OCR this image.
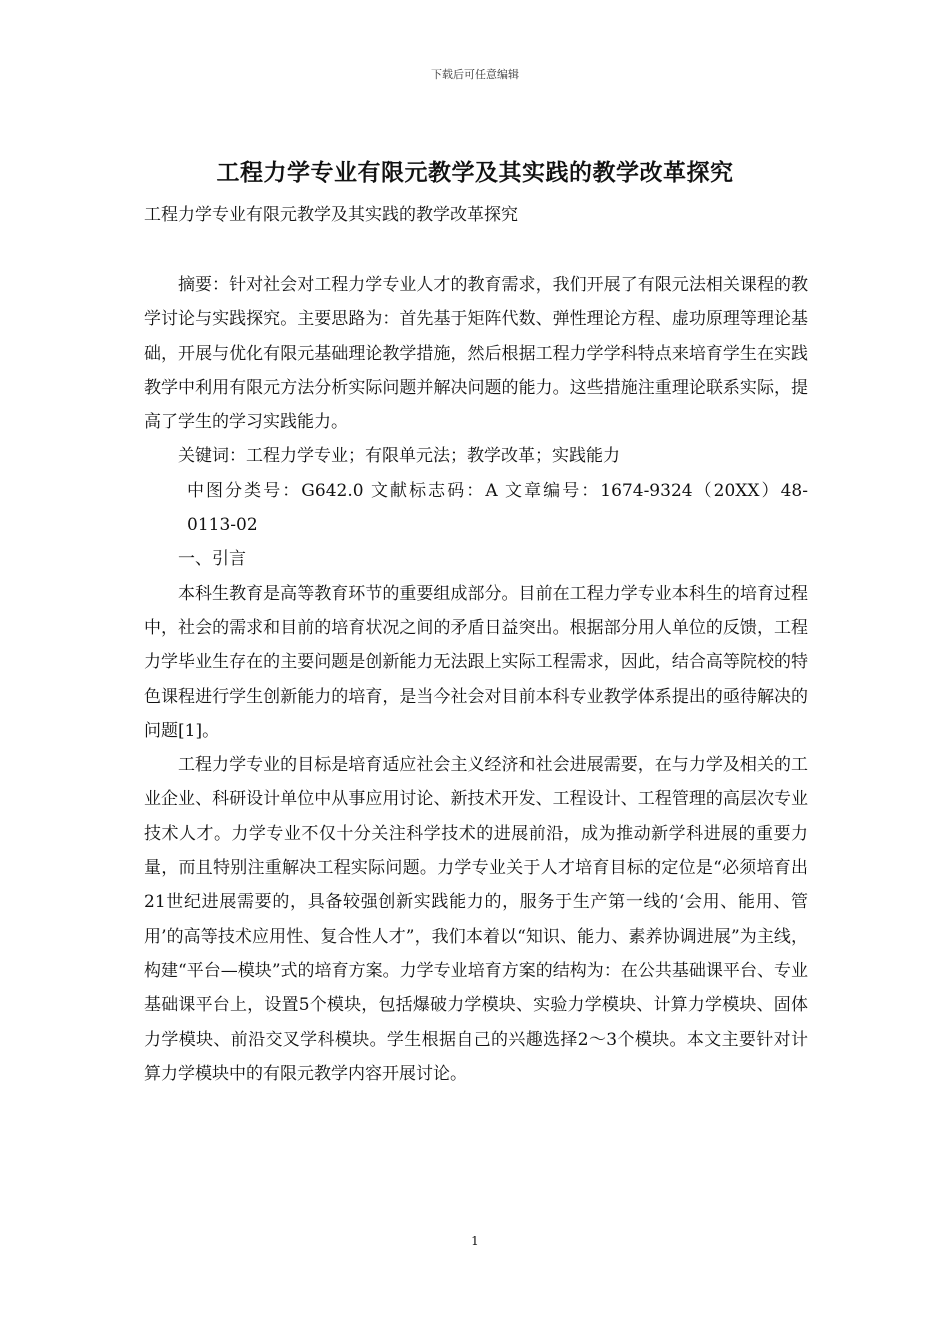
下载后可任意编辑
工程力学专业有限元教学及其实践的教学改革探究
工程力学专业有限元教学及其实践的教学改革探究

摘要：针对社会对工程力学专业人才的教育需求，我们开展了有限元法相关课程的教学讨论与实践探究。主要思路为：首先基于矩阵代数、弹性理论方程、虚功原理等理论基础，开展与优化有限元基础理论教学措施，然后根据工程力学学科特点来培育学生在实践教学中利用有限元方法分析实际问题并解决问题的能力。这些措施注重理论联系实际，提高了学生的学习实践能力。

关键词：工程力学专业；有限单元法；教学改革；实践能力

中图分类号：G642.0 文献标志码：A 文章编号：1674-9324（20XX）48-0113-02

一、引言

本科生教育是高等教育环节的重要组成部分。目前在工程力学专业本科生的培育过程中，社会的需求和目前的培育状况之间的矛盾日益突出。根据部分用人单位的反馈，工程力学毕业生存在的主要问题是创新能力无法跟上实际工程需求，因此，结合高等院校的特色课程进行学生创新能力的培育，是当今社会对目前本科专业教学体系提出的亟待解决的问题[1]。

工程力学专业的目标是培育适应社会主义经济和社会进展需要，在与力学及相关的工业企业、科研设计单位中从事应用讨论、新技术开发、工程设计、工程管理的高层次专业技术人才。力学专业不仅十分关注科学技术的进展前沿，成为推动新学科进展的重要力量，而且特别注重解决工程实际问题。力学专业关于人才培育目标的定位是“必须培育出21世纪进展需要的，具备较强创新实践能力的，服务于生产第一线的‘会用、能用、管用’的高等技术应用性、复合性人才”，我们本着以“知识、能力、素养协调进展”为主线，构建“平台—模块”式的培育方案。力学专业培育方案的结构为：在公共基础课平台、专业基础课平台上，设置5个模块，包括爆破力学模块、实验力学模块、计算力学模块、固体力学模块、前沿交叉学科模块。学生根据自己的兴趣选择2～3个模块。本文主要针对计算力学模块中的有限元教学内容开展讨论。

1
